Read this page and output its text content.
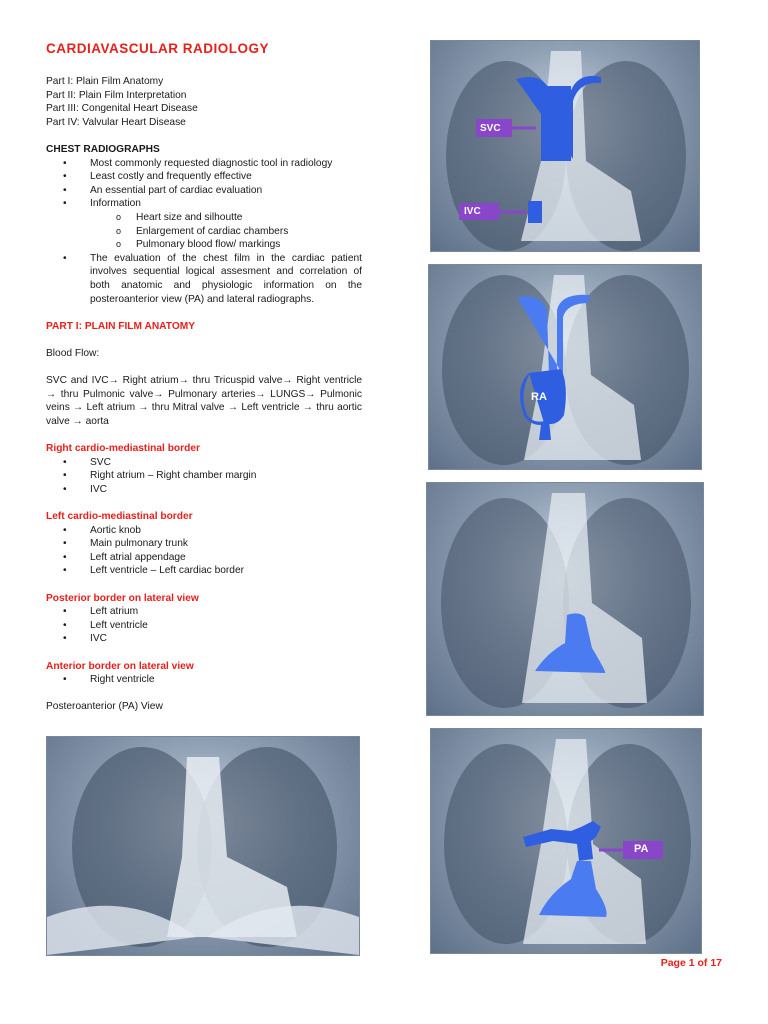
CARDIAVASCULAR RADIOLOGY

Part I: Plain Film Anatomy

Part II: Plain Film Interpretation

Part III: Congenital Heart Disease

Part IV: Valvular Heart Disease

CHEST RADIOGRAPHS

• Most commonly requested diagnostic tool in radiology
• Least costly and frequently effective
• An essential part of cardiac evaluation
• Information
o Heart size and silhoutte
o Enlargement of cardiac chambers
o Pulmonary blood flow/ markings
• The evaluation of the chest film in the cardiac patient involves sequential logical assesment and correlation of both anatomic and physiologic information on the posteroanterior view (PA) and lateral radiographs.

PART I: PLAIN FILM ANATOMY

Blood Flow:

SVC and IVC→ Right atrium→ thru Tricuspid valve→ Right ventricle → thru Pulmonic valve→ Pulmonary arteries→ LUNGS→ Pulmonic veins → Left atrium → thru Mitral valve → Left ventricle → thru aortic valve → aorta

Right cardio-mediastinal border

• SVC
• Right atrium – Right chamber margin
• IVC

Left cardio-mediastinal border

• Aortic knob
• Main pulmonary trunk
• Left atrial appendage
• Left ventricle – Left cardiac border

Posterior border on lateral view

• Left atrium
• Left ventricle
• IVC

Anterior border on lateral view

• Right ventricle

Posteroanterior (PA) View

SVC
IVC
RA
PA
Page 1 of 17
